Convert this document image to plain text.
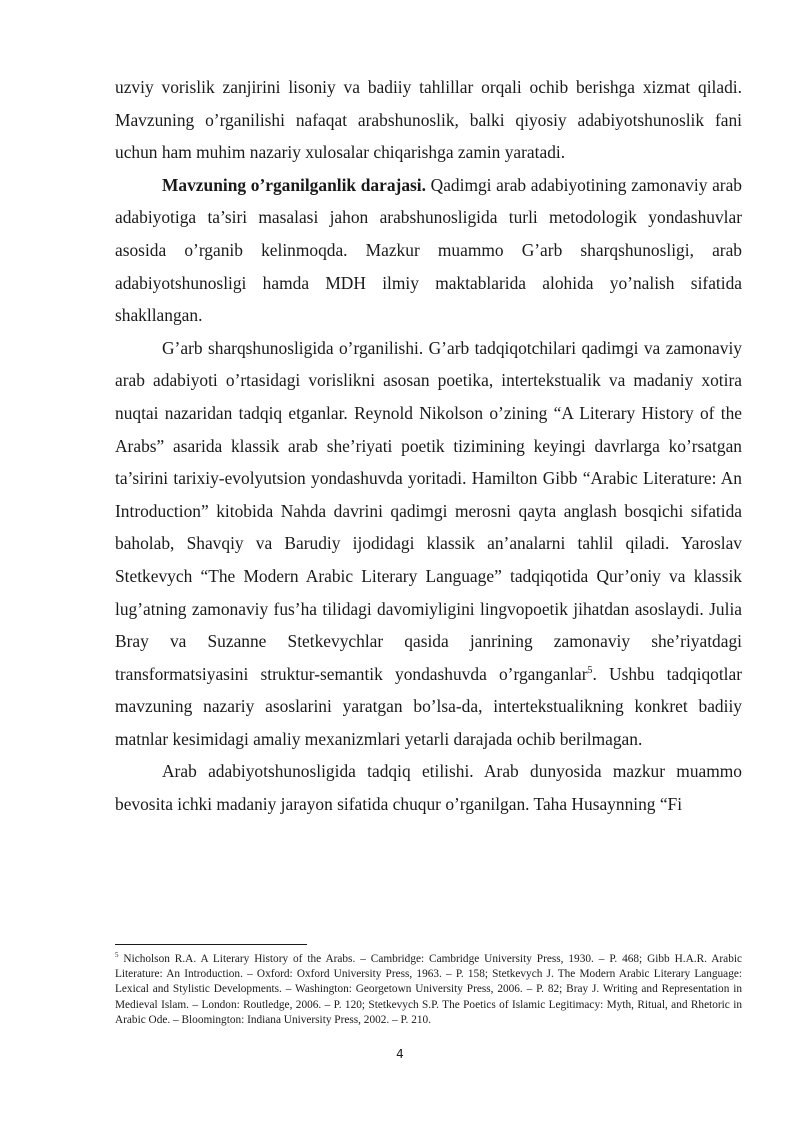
uzviy vorislik zanjirini lisoniy va badiiy tahlillar orqali ochib berishga xizmat qiladi. Mavzuning o’rganilishi nafaqat arabshunoslik, balki qiyosiy adabiyotshunoslik fani uchun ham muhim nazariy xulosalar chiqarishga zamin yaratadi.

Mavzuning o’rganilganlik darajasi. Qadimgi arab adabiyotining zamonaviy arab adabiyotiga ta’siri masalasi jahon arabshunosligida turli metodologik yondashuvlar asosida o’rganib kelinmoqda. Mazkur muammo G’arb sharqshunosligi, arab adabiyotshunosligi hamda MDH ilmiy maktablarida alohida yo’nalish sifatida shakllangan.

G’arb sharqshunosligida o’rganilishi. G’arb tadqiqotchilari qadimgi va zamonaviy arab adabiyoti o’rtasidagi vorislikni asosan poetika, intertekstualik va madaniy xotira nuqtai nazaridan tadqiq etganlar. Reynold Nikolson o’zining “A Literary History of the Arabs” asarida klassik arab she’riyati poetik tizimining keyingi davrlarga ko’rsatgan ta’sirini tarixiy-evolyutsion yondashuvda yoritadi. Hamilton Gibb “Arabic Literature: An Introduction” kitobida Nahda davrini qadimgi merosni qayta anglash bosqichi sifatida baholab, Shavqiy va Barudiy ijodidagi klassik an’analarni tahlil qiladi. Yaroslav Stetkevych “The Modern Arabic Literary Language” tadqiqotida Qur’oniy va klassik lug’atning zamonaviy fus’ha tilidagi davomiyligini lingvopoetik jihatdan asoslaydi. Julia Bray va Suzanne Stetkevychlar qasida janrining zamonaviy she’riyatdagi transformatsiyasini struktur-semantik yondashuvda o’rganganlar$^5$. Ushbu tadqiqotlar mavzuning nazariy asoslarini yaratgan bo’lsa-da, intertekstualikning konkret badiiy matnlar kesimidagi amaliy mexanizmlari yetarli darajada ochib berilmagan.

Arab adabiyotshunosligida tadqiq etilishi. Arab dunyosida mazkur muammo bevosita ichki madaniy jarayon sifatida chuqur o’rganilgan. Taha Husaynning “Fi

$^5$ Nicholson R.A. A Literary History of the Arabs. – Cambridge: Cambridge University Press, 1930. – P. 468; Gibb H.A.R. Arabic Literature: An Introduction. – Oxford: Oxford University Press, 1963. – P. 158; Stetkevych J. The Modern Arabic Literary Language: Lexical and Stylistic Developments. – Washington: Georgetown University Press, 2006. – P. 82; Bray J. Writing and Representation in Medieval Islam. – London: Routledge, 2006. – P. 120; Stetkevych S.P. The Poetics of Islamic Legitimacy: Myth, Ritual, and Rhetoric in Arabic Ode. – Bloomington: Indiana University Press, 2002. – P. 210.

4
